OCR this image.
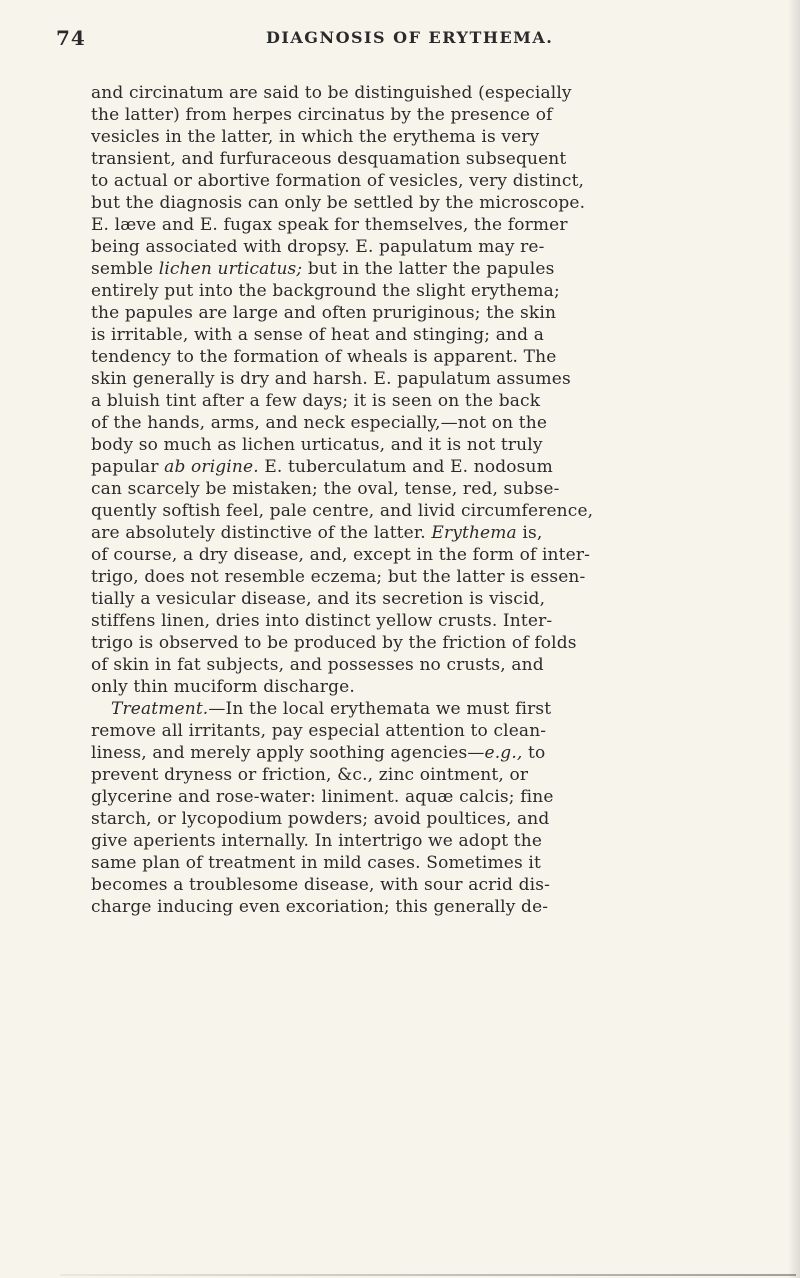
74	DIAGNOSIS OF ERYTHEMA.
and circinatum are said to be distinguished (especially
the latter) from herpes circinatus by the presence of
vesicles in the latter, in which the erythema is very
transient, and furfuraceous desquamation subsequent
to actual or abortive formation of vesicles, very distinct,
but the diagnosis can only be settled by the microscope.
E. læve and E. fugax speak for themselves, the former
being associated with dropsy. E. papulatum may re-
semble lichen urticatus; but in the latter the papules
entirely put into the background the slight erythema;
the papules are large and often pruriginous; the skin
is irritable, with a sense of heat and stinging; and a
tendency to the formation of wheals is apparent. The
skin generally is dry and harsh. E. papulatum assumes
a bluish tint after a few days; it is seen on the back
of the hands, arms, and neck especially,—not on the
body so much as lichen urticatus, and it is not truly
papular ab origine. E. tuberculatum and E. nodosum
can scarcely be mistaken; the oval, tense, red, subse-
quently softish feel, pale centre, and livid circumference,
are absolutely distinctive of the latter. Erythema is,
of course, a dry disease, and, except in the form of inter-
trigo, does not resemble eczema; but the latter is essen-
tially a vesicular disease, and its secretion is viscid,
stiffens linen, dries into distinct yellow crusts. Inter-
trigo is observed to be produced by the friction of folds
of skin in fat subjects, and possesses no crusts, and
only thin muciform discharge.
Treatment.—In the local erythemata we must first
remove all irritants, pay especial attention to clean-
liness, and merely apply soothing agencies—e.g., to
prevent dryness or friction, &c., zinc ointment, or
glycerine and rose-water: liniment. aquæ calcis; fine
starch, or lycopodium powders; avoid poultices, and
give aperients internally. In intertrigo we adopt the
same plan of treatment in mild cases. Sometimes it
becomes a troublesome disease, with sour acrid dis-
charge inducing even excoriation; this generally de-
